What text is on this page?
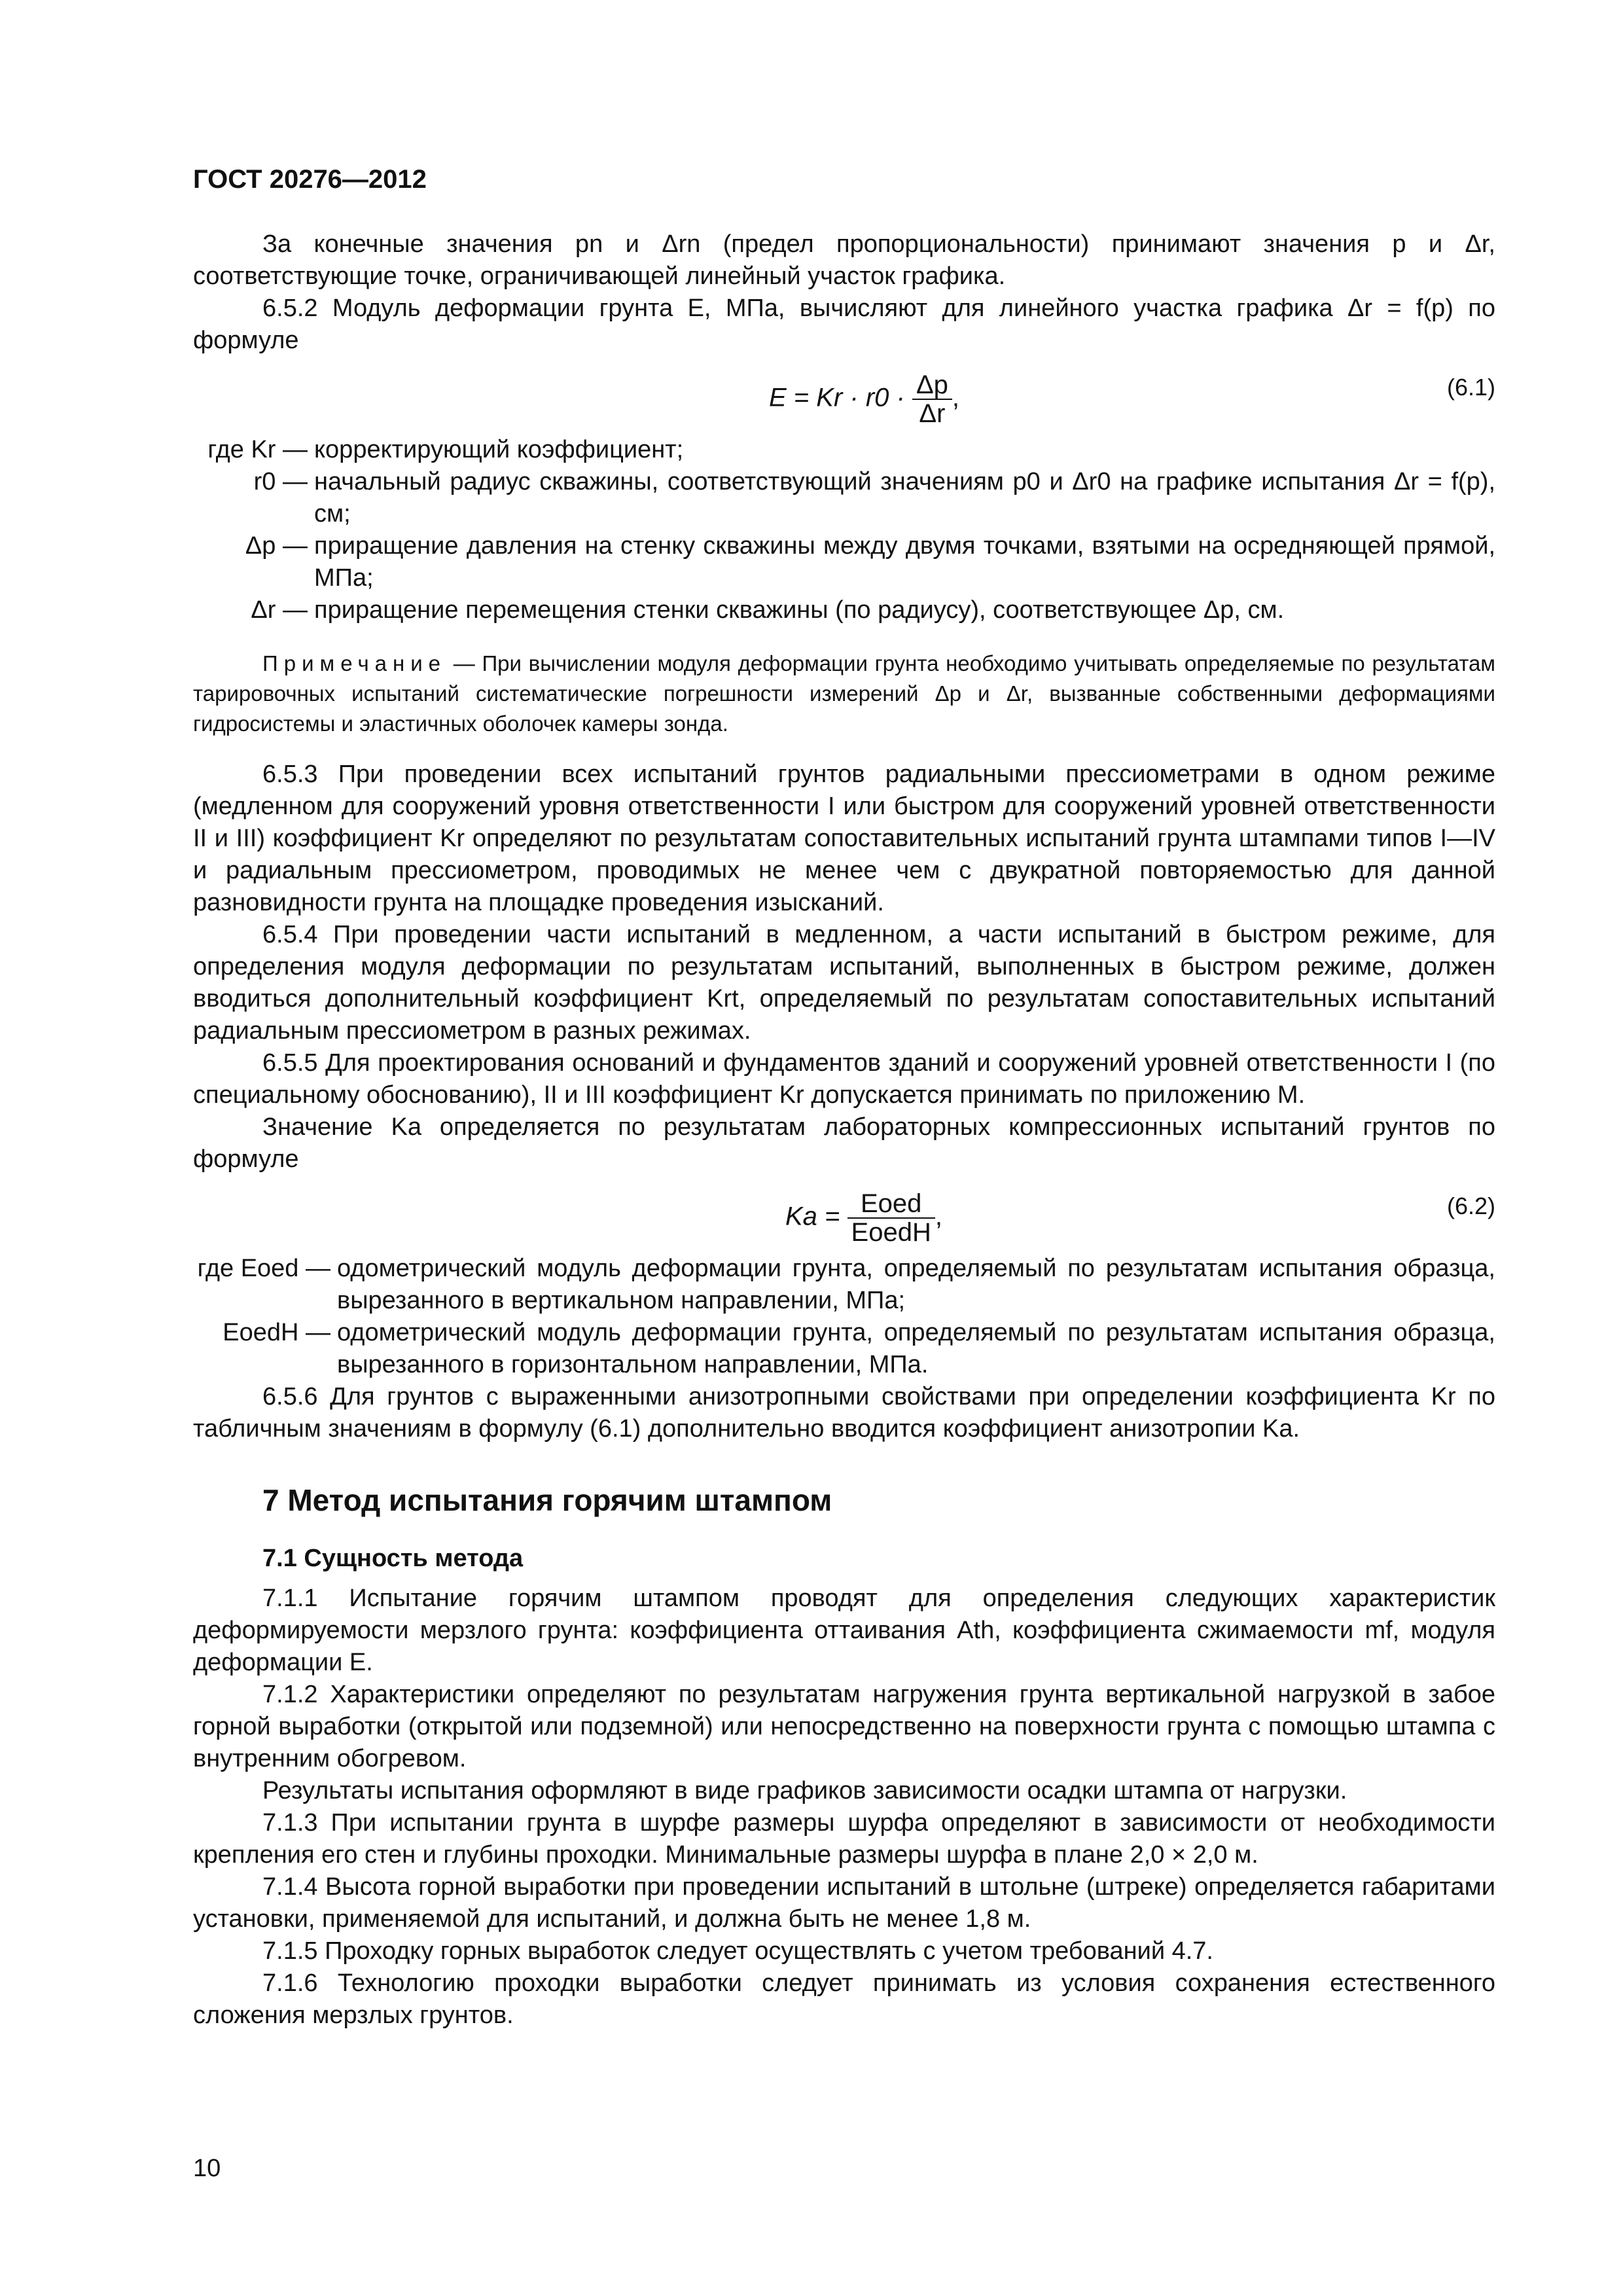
ГОСТ 20276—2012

За конечные значения pn и Δrn (предел пропорциональности) принимают значения p и Δr, соответствующие точке, ограничивающей линейный участок графика.

6.5.2 Модуль деформации грунта E, МПа, вычисляют для линейного участка графика Δr = f(p) по формуле

$E = Kr \cdot r0 \cdot \frac{\Delta p}{\Delta r}$ ,	(6.1)
где Kr — корректирующий коэффициент;
r0 — начальный радиус скважины, соответствующий значениям p0 и Δr0 на графике испытания Δr = f(p), см;
Δp — приращение давления на стенку скважины между двумя точками, взятыми на осредняющей прямой, МПа;
Δr — приращение перемещения стенки скважины (по радиусу), соответствующее Δp, см.
Примечание — При вычислении модуля деформации грунта необходимо учитывать определяемые по результатам тарировочных испытаний систематические погрешности измерений Δp и Δr, вызванные собственными деформациями гидросистемы и эластичных оболочек камеры зонда.

6.5.3 При проведении всех испытаний грунтов радиальными прессиометрами в одном режиме (медленном для сооружений уровня ответственности I или быстром для сооружений уровней ответственности II и III) коэффициент Kr определяют по результатам сопоставительных испытаний грунта штампами типов I—IV и радиальным прессиометром, проводимых не менее чем с двукратной повторяемостью для данной разновидности грунта на площадке проведения изысканий.

6.5.4 При проведении части испытаний в медленном, а части испытаний в быстром режиме, для определения модуля деформации по результатам испытаний, выполненных в быстром режиме, должен вводиться дополнительный коэффициент Krt, определяемый по результатам сопоставительных испытаний радиальным прессиометром в разных режимах.

6.5.5 Для проектирования оснований и фундаментов зданий и сооружений уровней ответственности I (по специальному обоснованию), II и III коэффициент Kr допускается принимать по приложению М.

Значение Ka определяется по результатам лабораторных компрессионных испытаний грунтов по формуле

$Ka = \frac{\text{Eoed}}{\text{EoedH}}$ ,	(6.2)
где Eoed — одометрический модуль деформации грунта, определяемый по результатам испытания образца, вырезанного в вертикальном направлении, МПа;
EoedH — одометрический модуль деформации грунта, определяемый по результатам испытания образца, вырезанного в горизонтальном направлении, МПа.

6.5.6 Для грунтов с выраженными анизотропными свойствами при определении коэффициента Kr по табличным значениям в формулу (6.1) дополнительно вводится коэффициент анизотропии Ka.

7 Метод испытания горячим штампом
7.1 Сущность метода

7.1.1 Испытание горячим штампом проводят для определения следующих характеристик деформируемости мерзлого грунта: коэффициента оттаивания Ath, коэффициента сжимаемости mf, модуля деформации E.

7.1.2 Характеристики определяют по результатам нагружения грунта вертикальной нагрузкой в забое горной выработки (открытой или подземной) или непосредственно на поверхности грунта с помощью штампа с внутренним обогревом.

Результаты испытания оформляют в виде графиков зависимости осадки штампа от нагрузки.

7.1.3 При испытании грунта в шурфе размеры шурфа определяют в зависимости от необходимости крепления его стен и глубины проходки. Минимальные размеры шурфа в плане 2,0 × 2,0 м.

7.1.4 Высота горной выработки при проведении испытаний в штольне (штреке) определяется габаритами установки, применяемой для испытаний, и должна быть не менее 1,8 м.

7.1.5 Проходку горных выработок следует осуществлять с учетом требований 4.7.

7.1.6 Технологию проходки выработки следует принимать из условия сохранения естественного сложения мерзлых грунтов.

10
